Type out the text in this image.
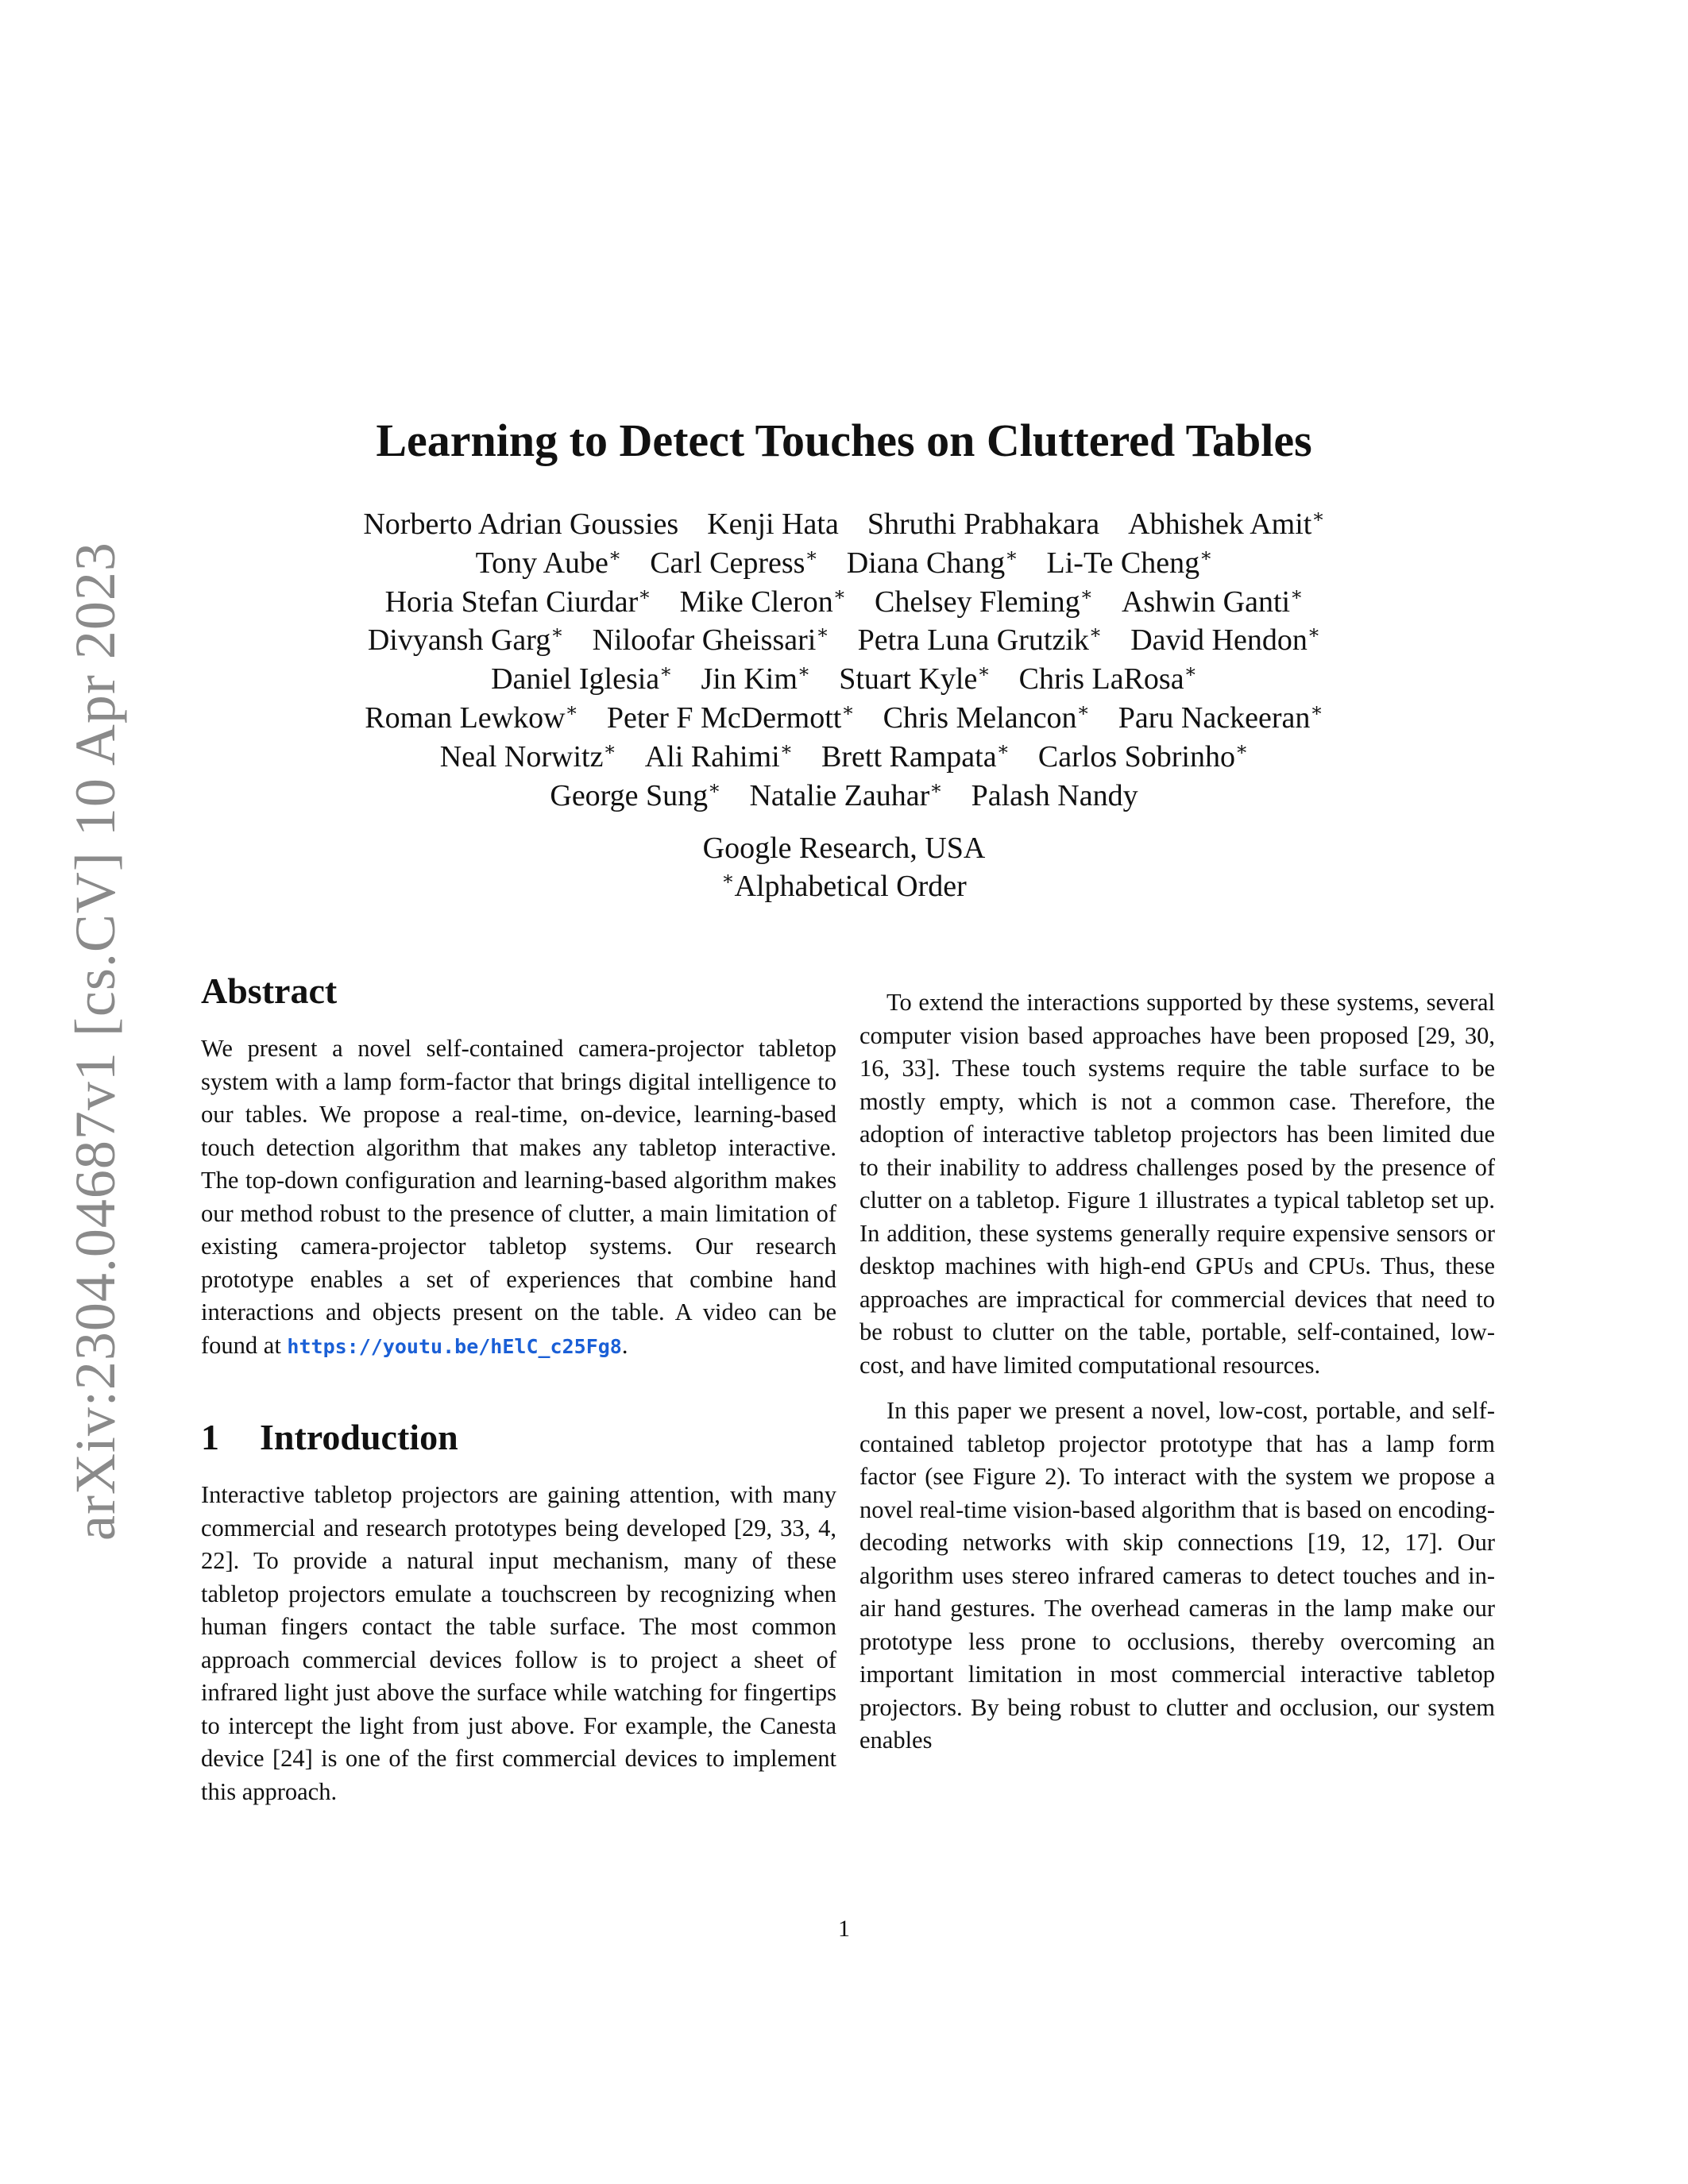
arXiv:2304.04687v1 [cs.CV] 10 Apr 2023
Learning to Detect Touches on Cluttered Tables
Norberto Adrian Goussies Kenji Hata Shruthi Prabhakara Abhishek Amit∗
Tony Aube∗ Carl Cepress∗ Diana Chang∗ Li-Te Cheng∗
Horia Stefan Ciurdar∗ Mike Cleron∗ Chelsey Fleming∗ Ashwin Ganti∗
Divyansh Garg∗ Niloofar Gheissari∗ Petra Luna Grutzik∗ David Hendon∗
Daniel Iglesia∗ Jin Kim∗ Stuart Kyle∗ Chris LaRosa∗
Roman Lewkow∗ Peter F McDermott∗ Chris Melancon∗ Paru Nackeeran∗
Neal Norwitz∗ Ali Rahimi∗ Brett Rampata∗ Carlos Sobrinho∗
George Sung∗ Natalie Zauhar∗ Palash Nandy
Google Research, USA
∗Alphabetical Order
Abstract

We present a novel self-contained camera-projector tabletop system with a lamp form-factor that brings digital intelligence to our tables. We propose a real-time, on-device, learning-based touch detection algorithm that makes any tabletop interactive. The top-down configuration and learning-based algorithm makes our method robust to the presence of clutter, a main limitation of existing camera-projector tabletop systems. Our research prototype enables a set of experiences that combine hand interactions and objects present on the table. A video can be found at https://youtu.be/hElC_c25Fg8.

1 Introduction

Interactive tabletop projectors are gaining attention, with many commercial and research prototypes being developed [29, 33, 4, 22]. To provide a natural input mechanism, many of these tabletop projectors emulate a touchscreen by recognizing when human fingers contact the table surface. The most common approach commercial devices follow is to project a sheet of infrared light just above the surface while watching for fingertips to intercept the light from just above. For example, the Canesta device [24] is one of the first commercial devices to implement this approach.

To extend the interactions supported by these systems, several computer vision based approaches have been proposed [29, 30, 16, 33]. These touch systems require the table surface to be mostly empty, which is not a common case. Therefore, the adoption of interactive tabletop projectors has been limited due to their inability to address challenges posed by the presence of clutter on a tabletop. Figure 1 illustrates a typical tabletop set up. In addition, these systems generally require expensive sensors or desktop machines with high-end GPUs and CPUs. Thus, these approaches are impractical for commercial devices that need to be robust to clutter on the table, portable, self-contained, low-cost, and have limited computational resources.

In this paper we present a novel, low-cost, portable, and self-contained tabletop projector prototype that has a lamp form factor (see Figure 2). To interact with the system we propose a novel real-time vision-based algorithm that is based on encoding-decoding networks with skip connections [19, 12, 17]. Our algorithm uses stereo infrared cameras to detect touches and in-air hand gestures. The overhead cameras in the lamp make our prototype less prone to occlusions, thereby overcoming an important limitation in most commercial interactive tabletop projectors. By being robust to clutter and occlusion, our system enables

1
